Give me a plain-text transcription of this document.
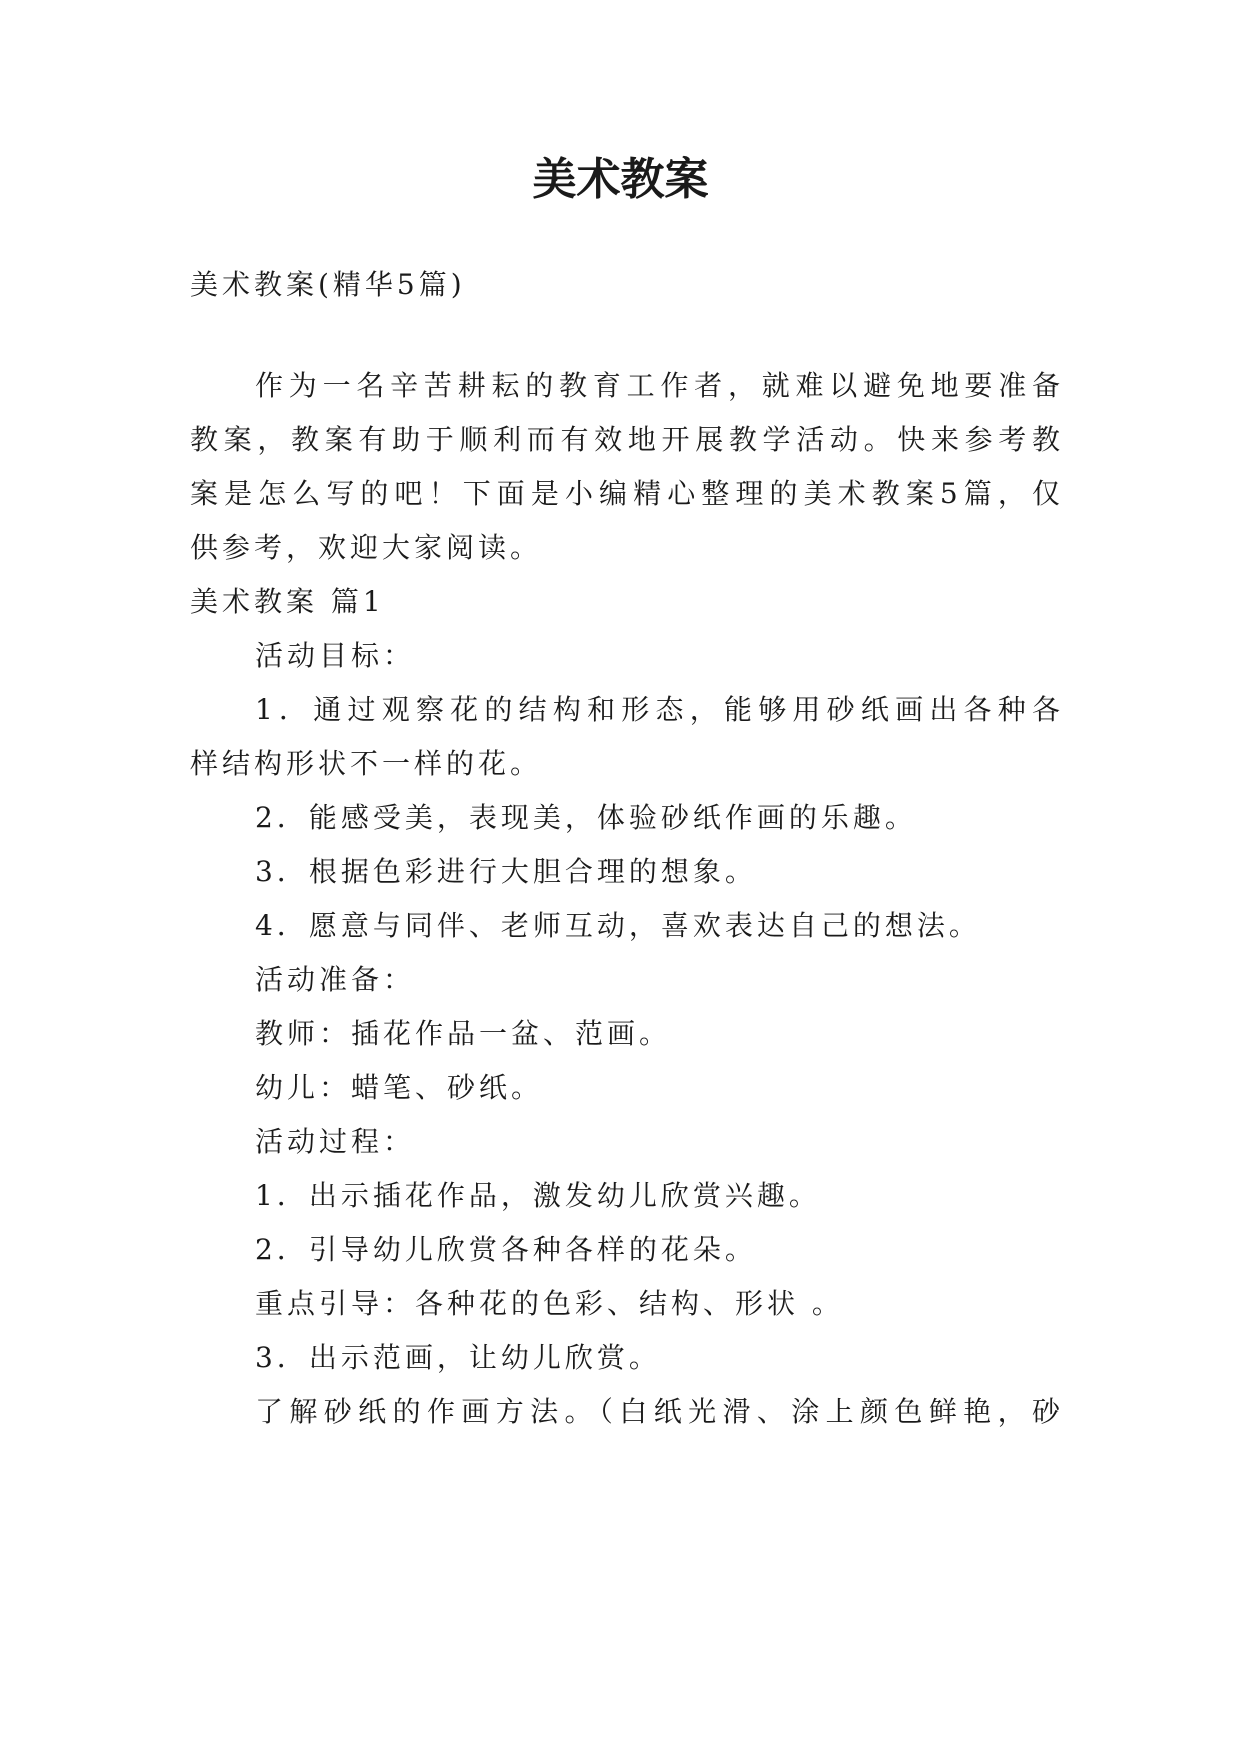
美术教案
美术教案(精华5篇)
作为一名辛苦耕耘的教育工作者，就难以避免地要准备
教案，教案有助于顺利而有效地开展教学活动。快来参考教
案是怎么写的吧！下面是小编精心整理的美术教案5篇，仅
供参考，欢迎大家阅读。
美术教案 篇1
活动目标：
1．通过观察花的结构和形态，能够用砂纸画出各种各
样结构形状不一样的花。
2．能感受美，表现美，体验砂纸作画的乐趣。
3．根据色彩进行大胆合理的想象。
4．愿意与同伴、老师互动，喜欢表达自己的想法。
活动准备：
教师：插花作品一盆、范画。
幼儿：蜡笔、砂纸。
活动过程：
1．出示插花作品，激发幼儿欣赏兴趣。
2．引导幼儿欣赏各种各样的花朵。
重点引导：各种花的色彩、结构、形状 。
3．出示范画，让幼儿欣赏。
了解砂纸的作画方法。（白纸光滑、涂上颜色鲜艳，砂
